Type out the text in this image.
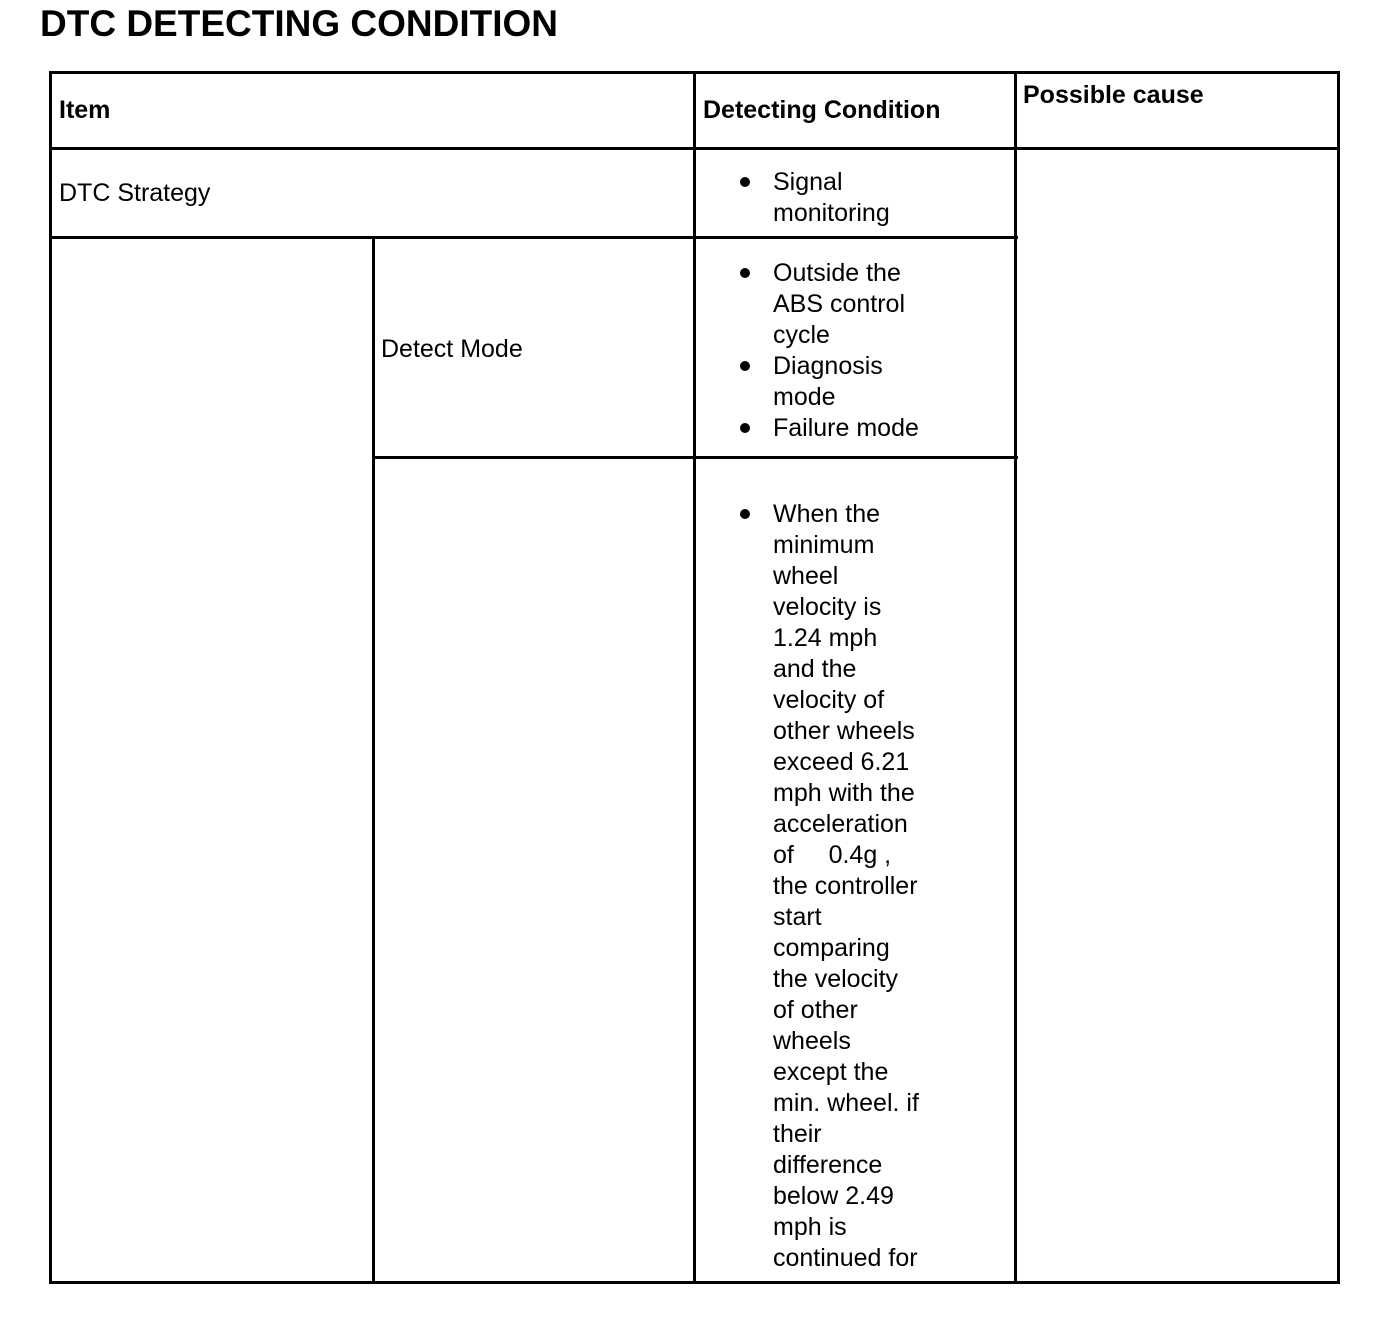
DTC DETECTING CONDITION

Item	Detecting Condition

Possible cause

DTC Strategy	Signal
monitoring

Detect Mode

Outside the
ABS control
cycle
Diagnosis
mode
Failure mode
When the
minimum
wheel
velocity is
1.24 mph
and the
velocity of
other wheels
exceed 6.21
mph with the
acceleration
of     0.4g ,
the controller
start
comparing
the velocity
of other
wheels
except the
min. wheel. if
their
difference
below 2.49
mph is
continued for
